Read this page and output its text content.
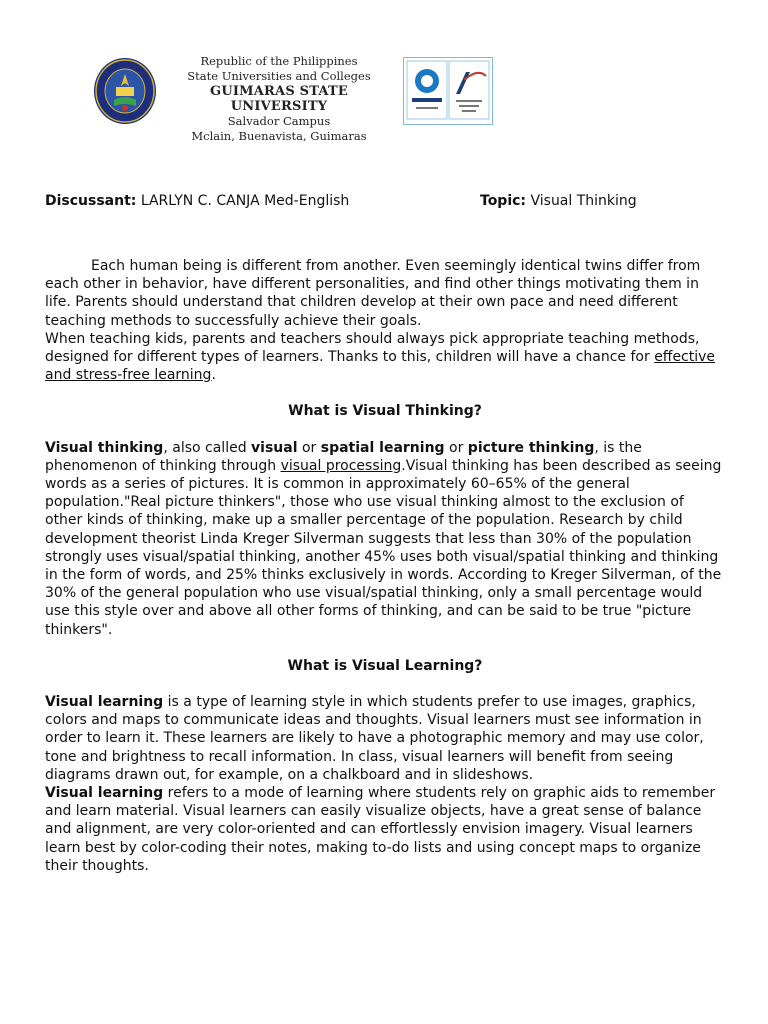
Republic of the Philippines
State Universities and Colleges
GUIMARAS STATE UNIVERSITY
Salvador Campus
Mclain, Buenavista, Guimaras
Discussant: LARLYN C. CANJA Med-English	Topic: Visual Thinking

Each human being is different from another. Even seemingly identical twins differ from each other in behavior, have different personalities, and find other things motivating them in life. Parents should understand that children develop at their own pace and need different teaching methods to successfully achieve their goals.

When teaching kids, parents and teachers should always pick appropriate teaching methods, designed for different types of learners. Thanks to this, children will have a chance for effective and stress-free learning.

What is Visual Thinking?

Visual thinking, also called visual or spatial learning or picture thinking, is the phenomenon of thinking through visual processing.Visual thinking has been described as seeing words as a series of pictures. It is common in approximately 60–65% of the general population."Real picture thinkers", those who use visual thinking almost to the exclusion of other kinds of thinking, make up a smaller percentage of the population. Research by child development theorist Linda Kreger Silverman suggests that less than 30% of the population strongly uses visual/spatial thinking, another 45% uses both visual/spatial thinking and thinking in the form of words, and 25% thinks exclusively in words. According to Kreger Silverman, of the 30% of the general population who use visual/spatial thinking, only a small percentage would use this style over and above all other forms of thinking, and can be said to be true "picture thinkers".

What is Visual Learning?

Visual learning is a type of learning style in which students prefer to use images, graphics, colors and maps to communicate ideas and thoughts. Visual learners must see information in order to learn it. These learners are likely to have a photographic memory and may use color, tone and brightness to recall information. In class, visual learners will benefit from seeing diagrams drawn out, for example, on a chalkboard and in slideshows.

Visual learning refers to a mode of learning where students rely on graphic aids to remember and learn material. Visual learners can easily visualize objects, have a great sense of balance and alignment, are very color-oriented and can effortlessly envision imagery. Visual learners learn best by color-coding their notes, making to-do lists and using concept maps to organize their thoughts.
